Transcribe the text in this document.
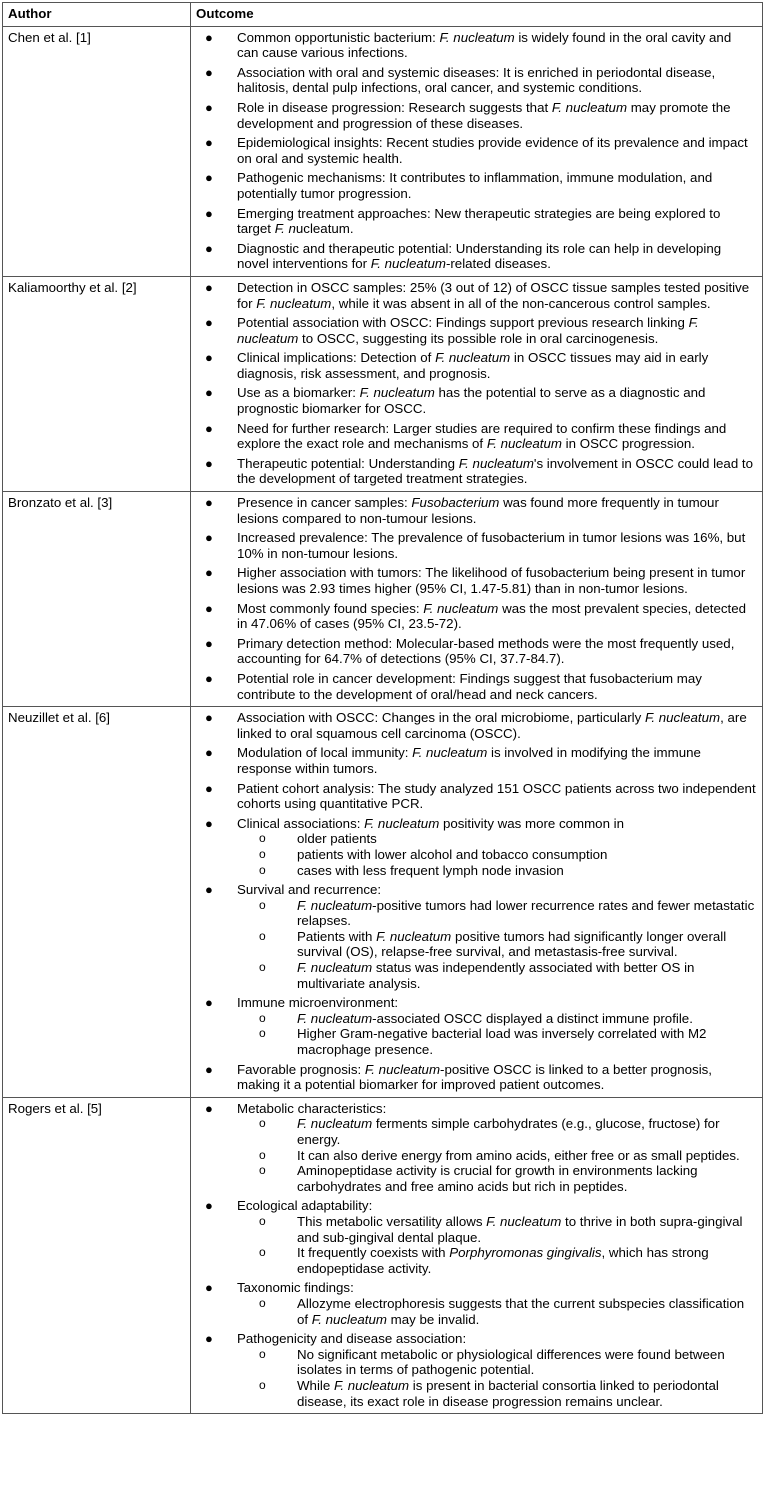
Author	Outcome
Chen et al. [1]	● Common opportunistic bacterium: F. nucleatum is widely found in the oral cavity and can cause various infections.
● Association with oral and systemic diseases: It is enriched in periodontal disease, halitosis, dental pulp infections, oral cancer, and systemic conditions.
● Role in disease progression: Research suggests that F. nucleatum may promote the development and progression of these diseases.
● Epidemiological insights: Recent studies provide evidence of its prevalence and impact on oral and systemic health.
● Pathogenic mechanisms: It contributes to inflammation, immune modulation, and potentially tumor progression.
● Emerging treatment approaches: New therapeutic strategies are being explored to target F. nucleatum.
● Diagnostic and therapeutic potential: Understanding its role can help in developing novel interventions for F. nucleatum-related diseases.

Kaliamoorthy et al. [2]	● Detection in OSCC samples: 25% (3 out of 12) of OSCC tissue samples tested positive for F. nucleatum, while it was absent in all of the non-cancerous control samples.
● Potential association with OSCC: Findings support previous research linking F. nucleatum to OSCC, suggesting its possible role in oral carcinogenesis.
● Clinical implications: Detection of F. nucleatum in OSCC tissues may aid in early diagnosis, risk assessment, and prognosis.
● Use as a biomarker: F. nucleatum has the potential to serve as a diagnostic and prognostic biomarker for OSCC.
● Need for further research: Larger studies are required to confirm these findings and explore the exact role and mechanisms of F. nucleatum in OSCC progression.
● Therapeutic potential: Understanding F. nucleatum's involvement in OSCC could lead to the development of targeted treatment strategies.

Bronzato et al. [3]	● Presence in cancer samples: Fusobacterium was found more frequently in tumour lesions compared to non-tumour lesions.
● Increased prevalence: The prevalence of fusobacterium in tumor lesions was 16%, but 10% in non-tumour lesions.
● Higher association with tumors: The likelihood of fusobacterium being present in tumor lesions was 2.93 times higher (95% CI, 1.47-5.81) than in non-tumor lesions.
● Most commonly found species: F. nucleatum was the most prevalent species, detected in 47.06% of cases (95% CI, 23.5-72).
● Primary detection method: Molecular-based methods were the most frequently used, accounting for 64.7% of detections (95% CI, 37.7-84.7).
● Potential role in cancer development: Findings suggest that fusobacterium may contribute to the development of oral/head and neck cancers.

Neuzillet et al. [6]	● Association with OSCC: Changes in the oral microbiome, particularly F. nucleatum, are linked to oral squamous cell carcinoma (OSCC).
● Modulation of local immunity: F. nucleatum is involved in modifying the immune response within tumors.
● Patient cohort analysis: The study analyzed 151 OSCC patients across two independent cohorts using quantitative PCR.
● Clinical associations: F. nucleatum positivity was more common in
o	older patients
o	patients with lower alcohol and tobacco consumption
o	cases with less frequent lymph node invasion
● Survival and recurrence:
o	F. nucleatum-positive tumors had lower recurrence rates and fewer metastatic relapses.
o	Patients with F. nucleatum positive tumors had significantly longer overall survival (OS), relapse-free survival, and metastasis-free survival.
o	F. nucleatum status was independently associated with better OS in multivariate analysis.
● Immune microenvironment:
o	F. nucleatum-associated OSCC displayed a distinct immune profile.
o	Higher Gram-negative bacterial load was inversely correlated with M2 macrophage presence.
● Favorable prognosis: F. nucleatum-positive OSCC is linked to a better prognosis, making it a potential biomarker for improved patient outcomes.

Rogers et al. [5]	● Metabolic characteristics:
o	F. nucleatum ferments simple carbohydrates (e.g., glucose, fructose) for energy.
o	It can also derive energy from amino acids, either free or as small peptides.
o	Aminopeptidase activity is crucial for growth in environments lacking carbohydrates and free amino acids but rich in peptides.
● Ecological adaptability:
o	This metabolic versatility allows F. nucleatum to thrive in both supra-gingival and sub-gingival dental plaque.
o	It frequently coexists with Porphyromonas gingivalis, which has strong endopeptidase activity.
● Taxonomic findings:
o	Allozyme electrophoresis suggests that the current subspecies classification of F. nucleatum may be invalid.
● Pathogenicity and disease association:
o	No significant metabolic or physiological differences were found between isolates in terms of pathogenic potential.
o	While F. nucleatum is present in bacterial consortia linked to periodontal disease, its exact role in disease progression remains unclear.
